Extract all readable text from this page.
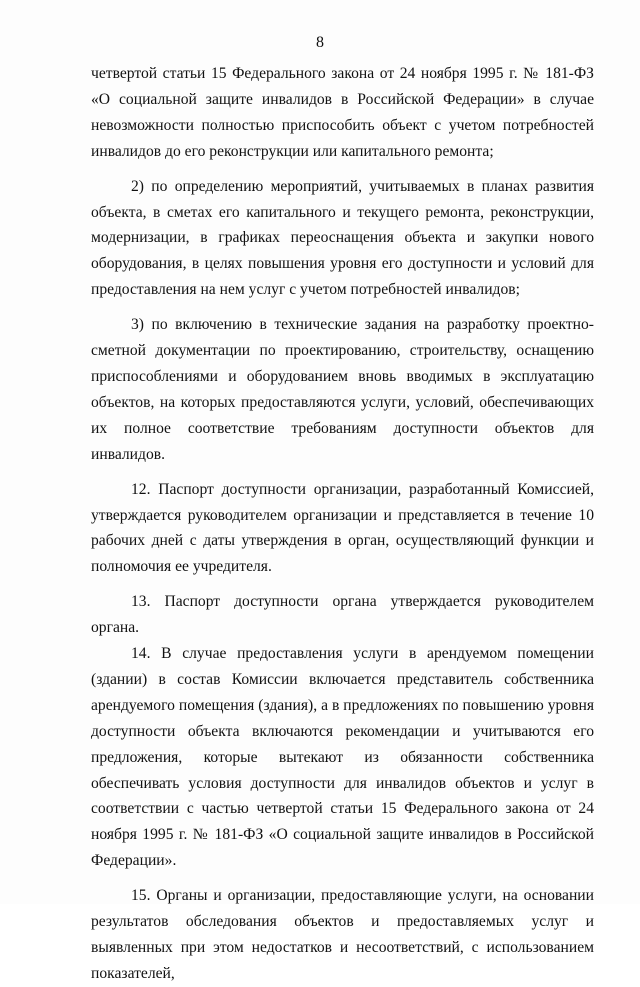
8

четвертой статьи 15 Федерального закона от 24 ноября 1995 г. № 181-ФЗ «О социальной защите инвалидов в Российской Федерации» в случае невозможности полностью приспособить объект с учетом потребностей инвалидов до его реконструкции или капитального ремонта;

2) по определению мероприятий, учитываемых в планах развития объекта, в сметах его капитального и текущего ремонта, реконструкции, модернизации, в графиках переоснащения объекта и закупки нового оборудования, в целях повышения уровня его доступности и условий для предоставления на нем услуг с учетом потребностей инвалидов;

3) по включению в технические задания на разработку проектно-сметной документации по проектированию, строительству, оснащению приспособлениями и оборудованием вновь вводимых в эксплуатацию объектов, на которых предоставляются услуги, условий, обеспечивающих их полное соответствие требованиям доступности объектов для инвалидов.

12. Паспорт доступности организации, разработанный Комиссией, утверждается руководителем организации и представляется в течение 10 рабочих дней с даты утверждения в орган, осуществляющий функции и полномочия ее учредителя.

13. Паспорт доступности органа утверждается руководителем органа.

14. В случае предоставления услуги в арендуемом помещении (здании) в состав Комиссии включается представитель собственника арендуемого помещения (здания), а в предложениях по повышению уровня доступности объекта включаются рекомендации и учитываются его предложения, которые вытекают из обязанности собственника обеспечивать условия доступности для инвалидов объектов и услуг в соответствии с частью четвертой статьи 15 Федерального закона от 24 ноября 1995 г. № 181-ФЗ «О социальной защите инвалидов в Российской Федерации».

15. Органы и организации, предоставляющие услуги, на основании результатов обследования объектов и предоставляемых услуг и выявленных при этом недостатков и несоответствий, с использованием показателей,
